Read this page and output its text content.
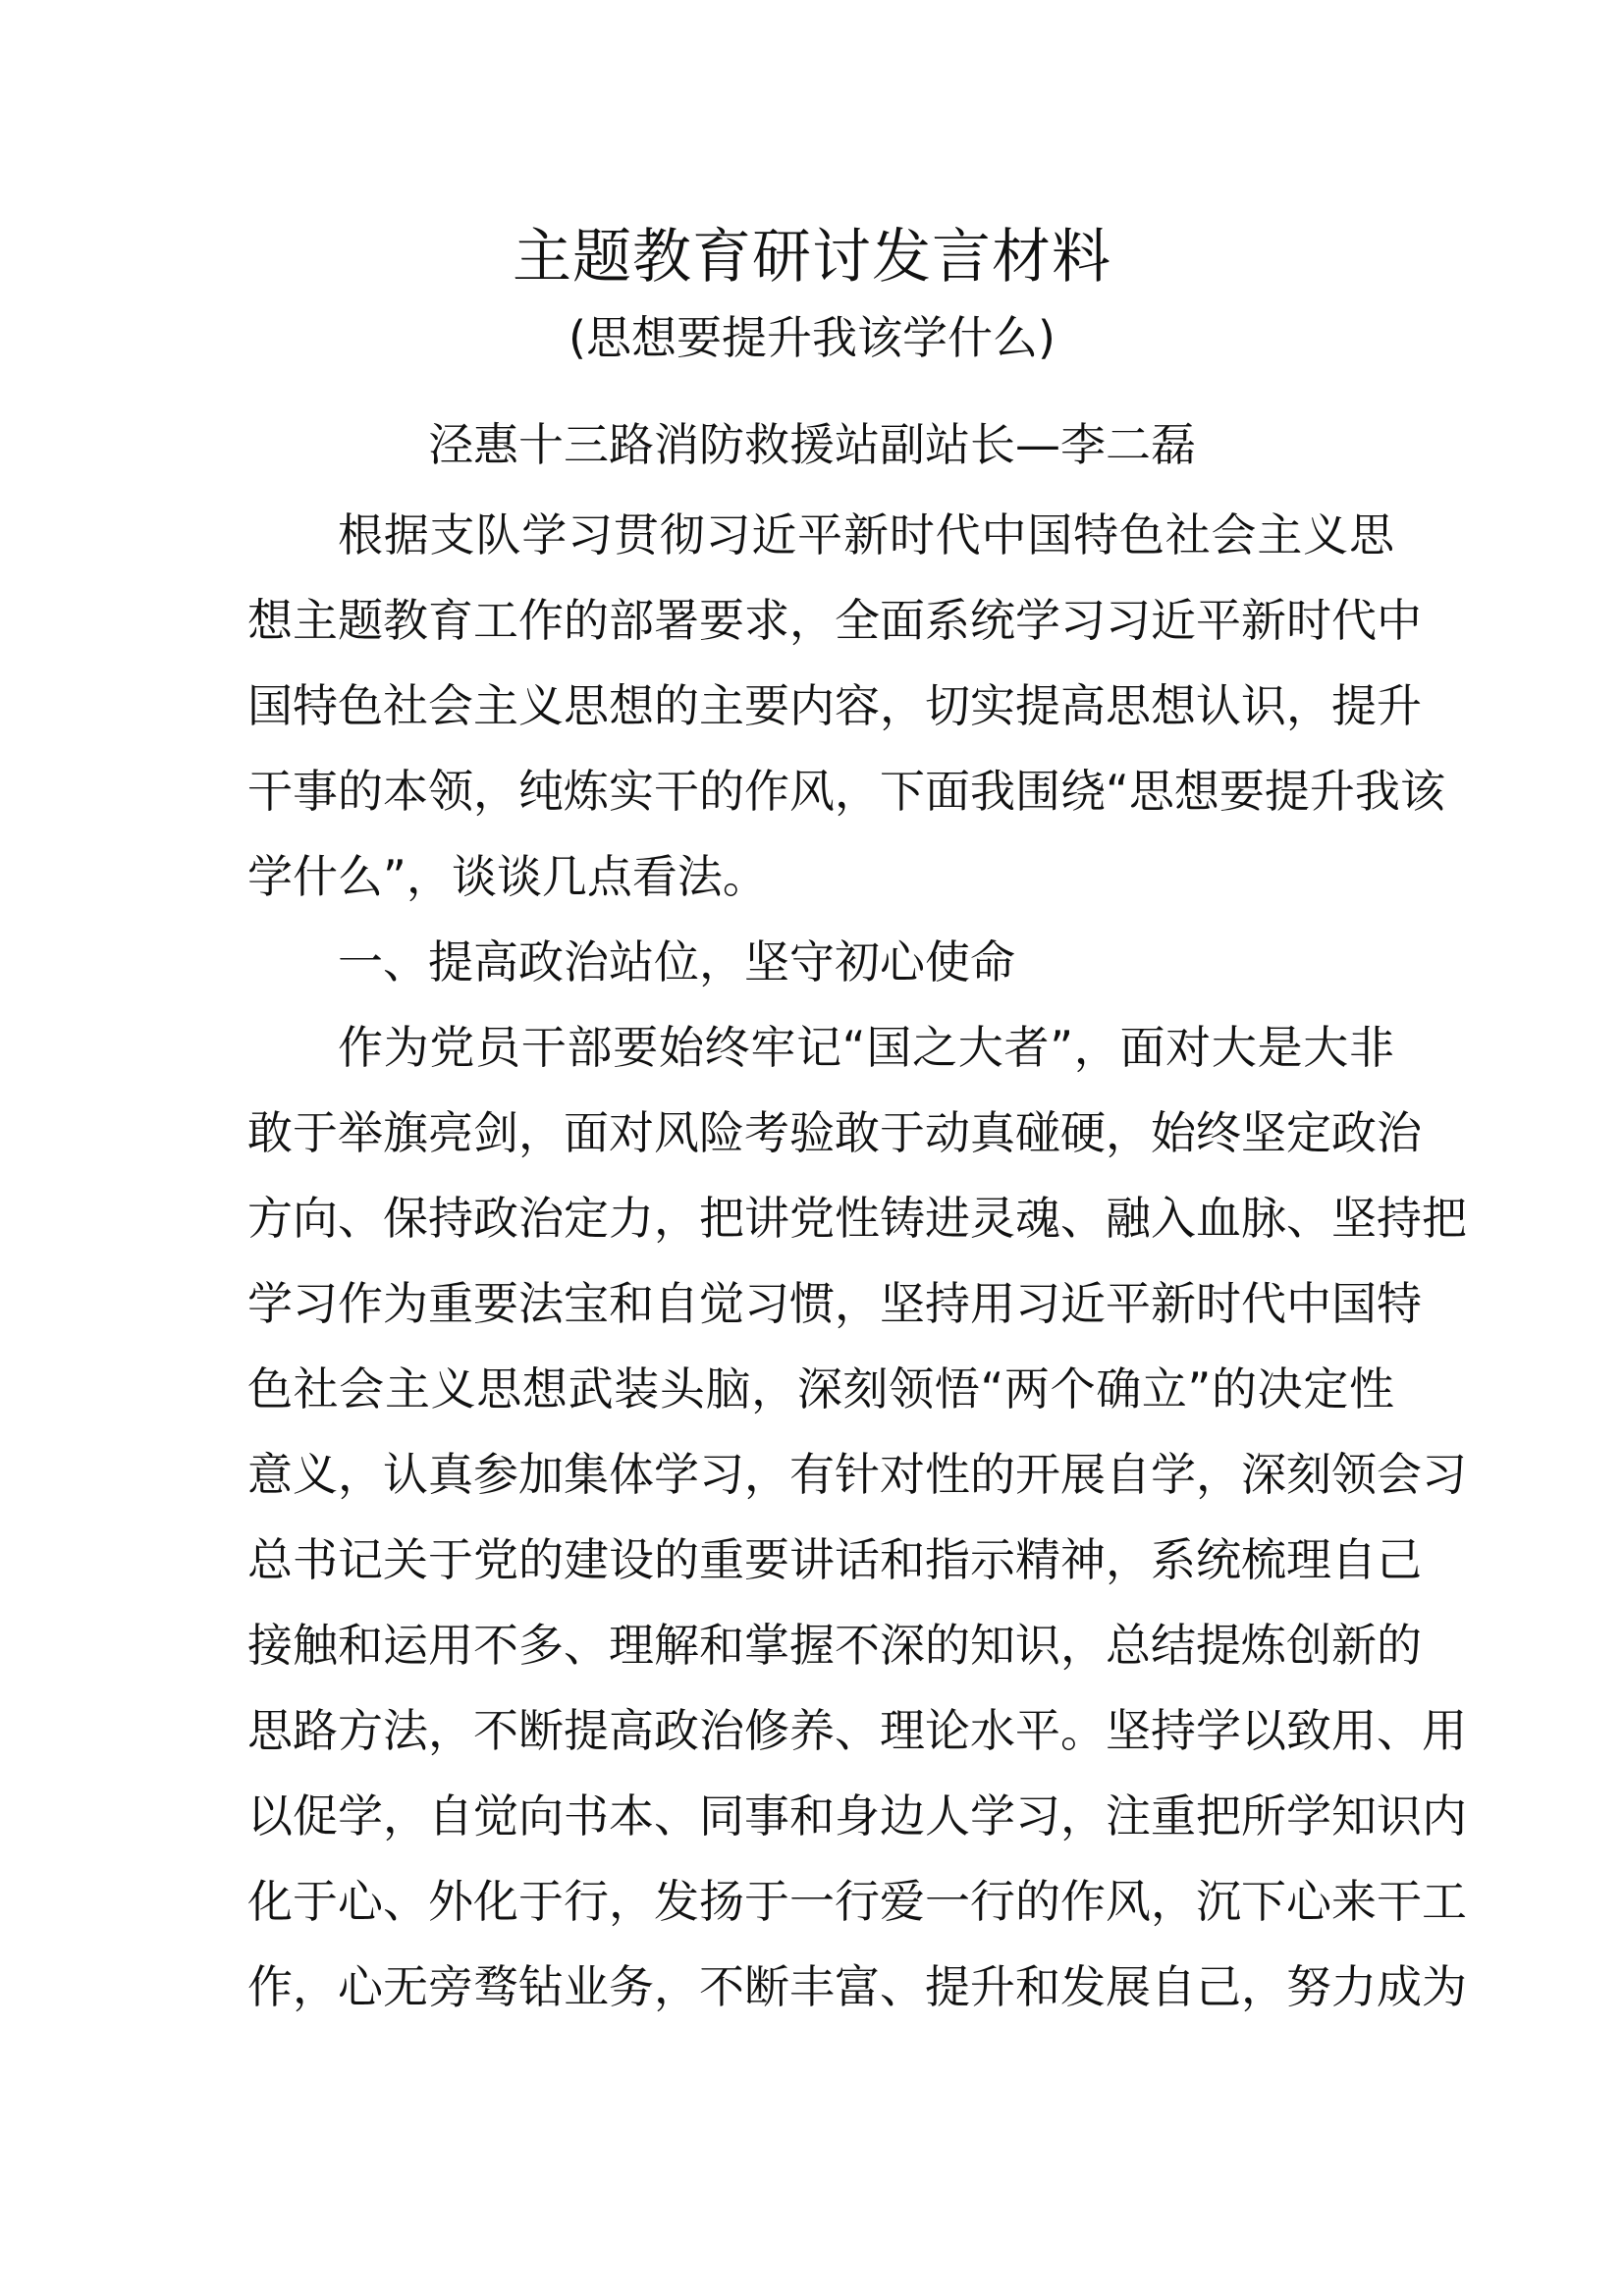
主题教育研讨发言材料
(思想要提升我该学什么)
泾惠十三路消防救援站副站长—李二磊
根据支队学习贯彻习近平新时代中国特色社会主义思
想主题教育工作的部署要求，全面系统学习习近平新时代中
国特色社会主义思想的主要内容，切实提高思想认识，提升
干事的本领，纯炼实干的作风，下面我围绕“思想要提升我该
学什么”，谈谈几点看法。
一、提高政治站位，坚守初心使命
作为党员干部要始终牢记“国之大者”，面对大是大非
敢于举旗亮剑，面对风险考验敢于动真碰硬，始终坚定政治
方向、保持政治定力，把讲党性铸进灵魂、融入血脉、坚持把
学习作为重要法宝和自觉习惯，坚持用习近平新时代中国特
色社会主义思想武装头脑，深刻领悟“两个确立”的决定性
意义，认真参加集体学习，有针对性的开展自学，深刻领会习
总书记关于党的建设的重要讲话和指示精神，系统梳理自己
接触和运用不多、理解和掌握不深的知识，总结提炼创新的
思路方法，不断提高政治修养、理论水平。坚持学以致用、用
以促学，自觉向书本、同事和身边人学习，注重把所学知识内
化于心、外化于行，发扬于一行爱一行的作风，沉下心来干工
作，心无旁骛钻业务，不断丰富、提升和发展自己，努力成为
